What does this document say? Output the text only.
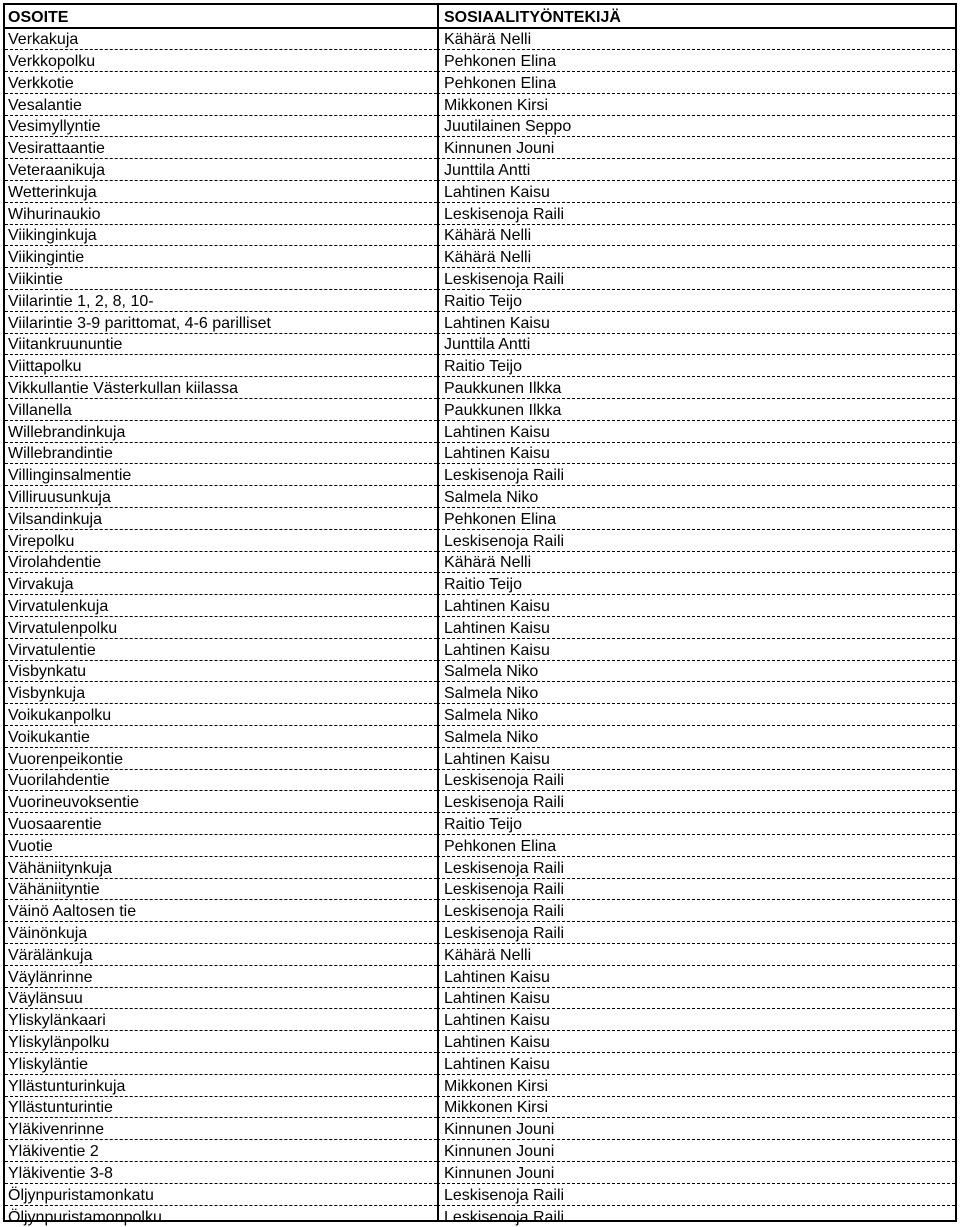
OSOITE	SOSIAALITYÖNTEKIJÄ
Verkakuja	Kähärä Nelli
Verkkopolku	Pehkonen Elina
Verkkotie	Pehkonen Elina
Vesalantie	Mikkonen Kirsi
Vesimyllyntie	Juutilainen Seppo
Vesirattaantie	Kinnunen Jouni
Veteraanikuja	Junttila Antti
Wetterinkuja	Lahtinen Kaisu
Wihurinaukio	Leskisenoja Raili
Viikinginkuja	Kähärä Nelli
Viikingintie	Kähärä Nelli
Viikintie	Leskisenoja Raili
Viilarintie 1, 2, 8, 10-	Raitio Teijo
Viilarintie 3-9 parittomat, 4-6 parilliset	Lahtinen Kaisu
Viitankruununtie	Junttila Antti
Viittapolku	Raitio Teijo
Vikkullantie Västerkullan kiilassa	Paukkunen Ilkka
Villanella	Paukkunen Ilkka
Willebrandinkuja	Lahtinen Kaisu
Willebrandintie	Lahtinen Kaisu
Villinginsalmentie	Leskisenoja Raili
Villiruusunkuja	Salmela Niko
Vilsandinkuja	Pehkonen Elina
Virepolku	Leskisenoja Raili
Virolahdentie	Kähärä Nelli
Virvakuja	Raitio Teijo
Virvatulenkuja	Lahtinen Kaisu
Virvatulenpolku	Lahtinen Kaisu
Virvatulentie	Lahtinen Kaisu
Visbynkatu	Salmela Niko
Visbynkuja	Salmela Niko
Voikukanpolku	Salmela Niko
Voikukantie	Salmela Niko
Vuorenpeikontie	Lahtinen Kaisu
Vuorilahdentie	Leskisenoja Raili
Vuorineuvoksentie	Leskisenoja Raili
Vuosaarentie	Raitio Teijo
Vuotie	Pehkonen Elina
Vähäniitynkuja	Leskisenoja Raili
Vähäniityntie	Leskisenoja Raili
Väinö Aaltosen tie	Leskisenoja Raili
Väinönkuja	Leskisenoja Raili
Värälänkuja	Kähärä Nelli
Väylänrinne	Lahtinen Kaisu
Väylänsuu	Lahtinen Kaisu
Yliskylänkaari	Lahtinen Kaisu
Yliskylänpolku	Lahtinen Kaisu
Yliskyläntie	Lahtinen Kaisu
Yllästunturinkuja	Mikkonen Kirsi
Yllästunturintie	Mikkonen Kirsi
Yläkivenrinne	Kinnunen Jouni
Yläkiventie 2	Kinnunen Jouni
Yläkiventie 3-8	Kinnunen Jouni
Öljynpuristamonkatu	Leskisenoja Raili
Öljynpuristamonpolku	Leskisenoja Raili
